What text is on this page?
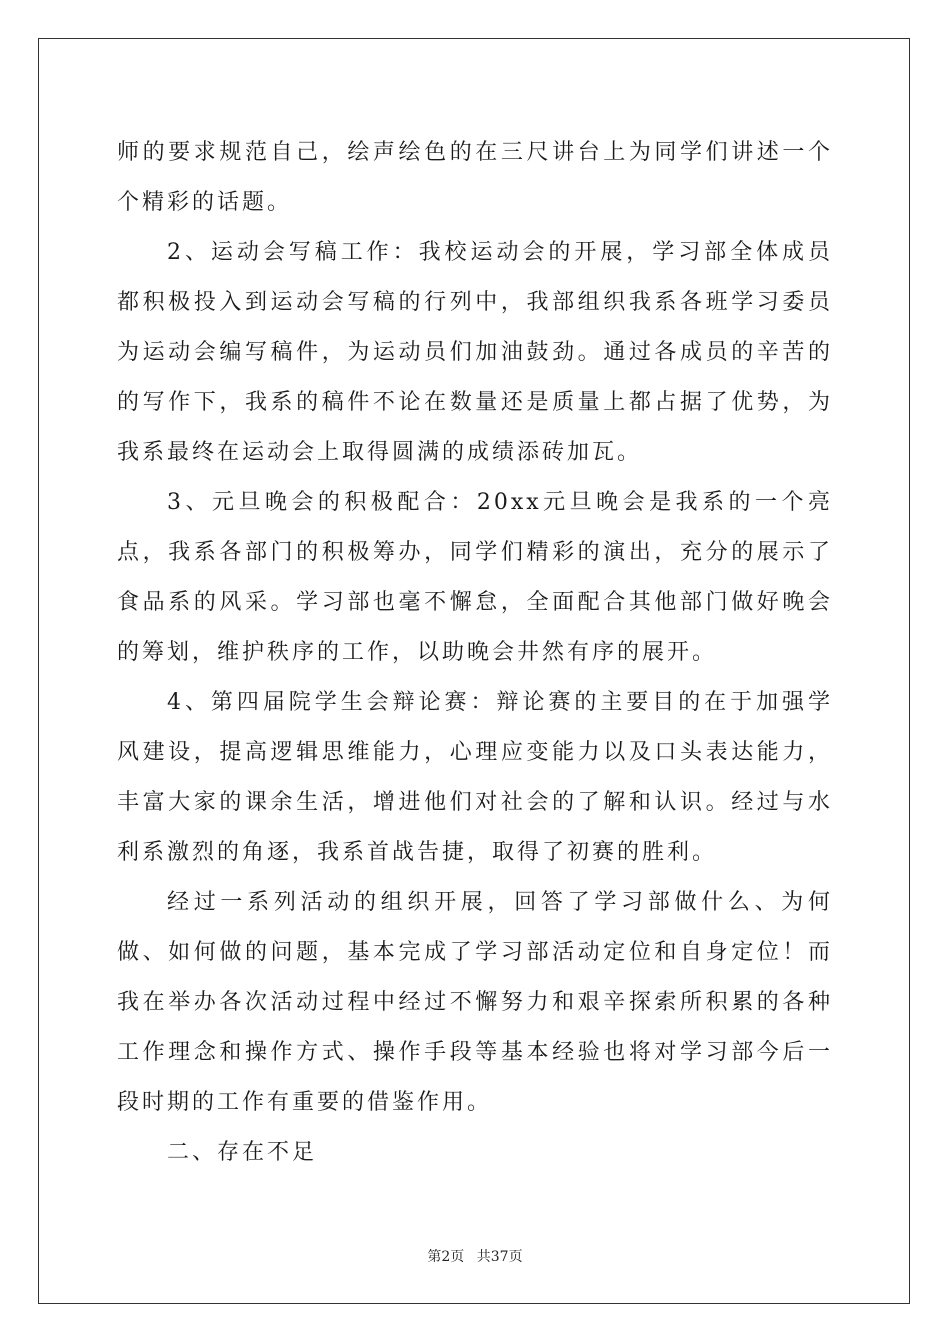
师的要求规范自己，绘声绘色的在三尺讲台上为同学们讲述一个个精彩的话题。

2、运动会写稿工作：我校运动会的开展，学习部全体成员都积极投入到运动会写稿的行列中，我部组织我系各班学习委员为运动会编写稿件，为运动员们加油鼓劲。通过各成员的辛苦的的写作下，我系的稿件不论在数量还是质量上都占据了优势，为我系最终在运动会上取得圆满的成绩添砖加瓦。

3、元旦晚会的积极配合：20xx元旦晚会是我系的一个亮点，我系各部门的积极筹办，同学们精彩的演出，充分的展示了食品系的风采。学习部也毫不懈怠，全面配合其他部门做好晚会的筹划，维护秩序的工作，以助晚会井然有序的展开。

4、第四届院学生会辩论赛：辩论赛的主要目的在于加强学风建设，提高逻辑思维能力，心理应变能力以及口头表达能力，丰富大家的课余生活，增进他们对社会的了解和认识。经过与水利系激烈的角逐，我系首战告捷，取得了初赛的胜利。

经过一系列活动的组织开展，回答了学习部做什么、为何做、如何做的问题，基本完成了学习部活动定位和自身定位！而我在举办各次活动过程中经过不懈努力和艰辛探索所积累的各种工作理念和操作方式、操作手段等基本经验也将对学习部今后一段时期的工作有重要的借鉴作用。

二、存在不足

第2页 共37页
